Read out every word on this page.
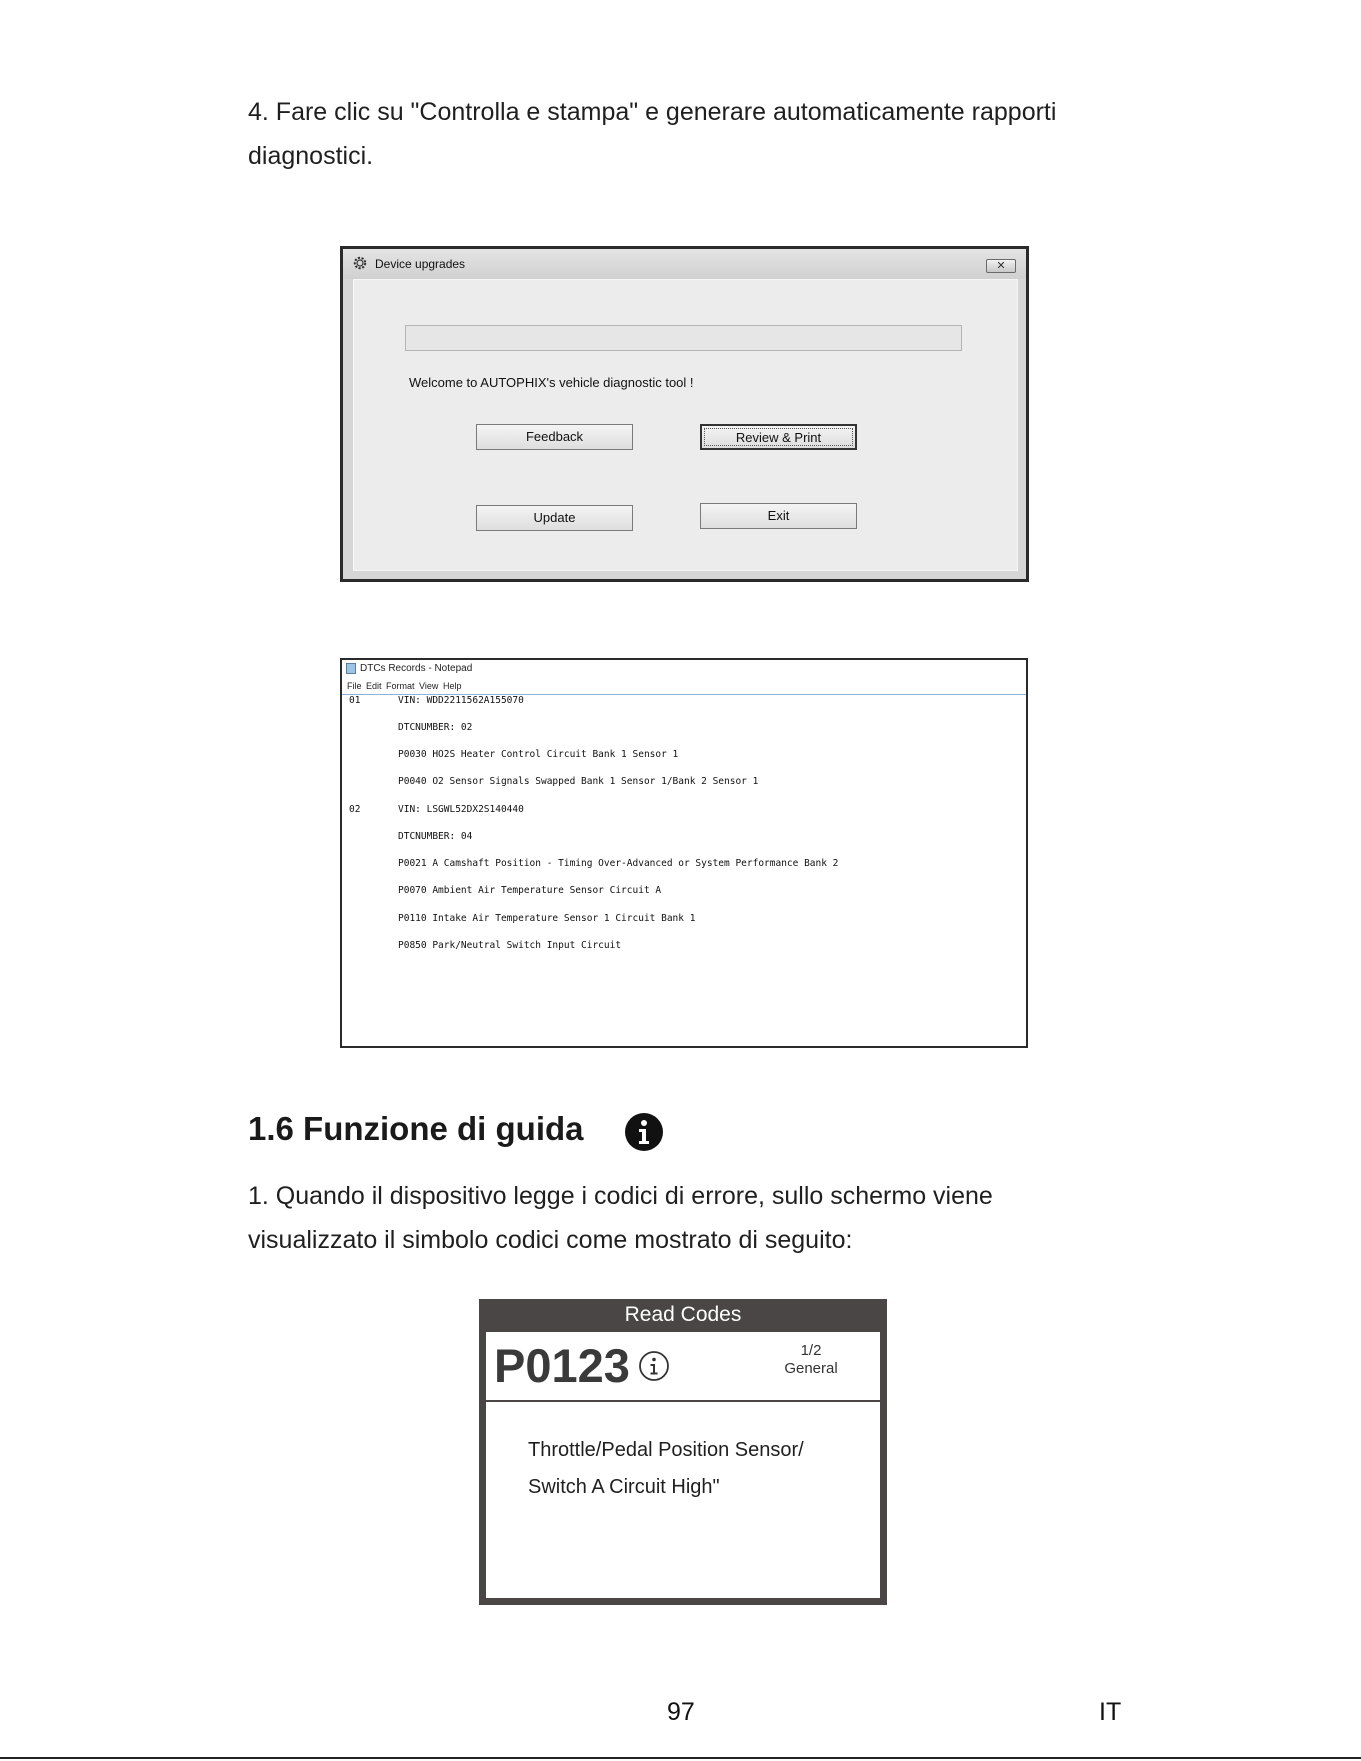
4. Fare clic su "Controlla e stampa" e generare automaticamente rapporti diagnostici.
Device upgrades	✕
Welcome to AUTOPHIX's vehicle diagnostic tool !
Feedback	Review & Print
Update	Exit
DTCs Records - Notepad
File Edit Format View Help
01	VIN: WDD2211562A155070
DTCNUMBER: 02
P0030 HO2S Heater Control Circuit Bank 1 Sensor 1
P0040 O2 Sensor Signals Swapped Bank 1 Sensor 1/Bank 2 Sensor 1
02	VIN: LSGWL52DX2S140440
DTCNUMBER: 04
P0021 A Camshaft Position - Timing Over-Advanced or System Performance Bank 2
P0070 Ambient Air Temperature Sensor Circuit A
P0110 Intake Air Temperature Sensor 1 Circuit Bank 1
P0850 Park/Neutral Switch Input Circuit
1.6 Funzione di guida
1. Quando il dispositivo legge i codici di errore, sullo schermo viene visualizzato il simbolo codici come mostrato di seguito:
Read Codes
P0123	1/2
General
Throttle/Pedal Position Sensor/ Switch A Circuit High"
97	IT
